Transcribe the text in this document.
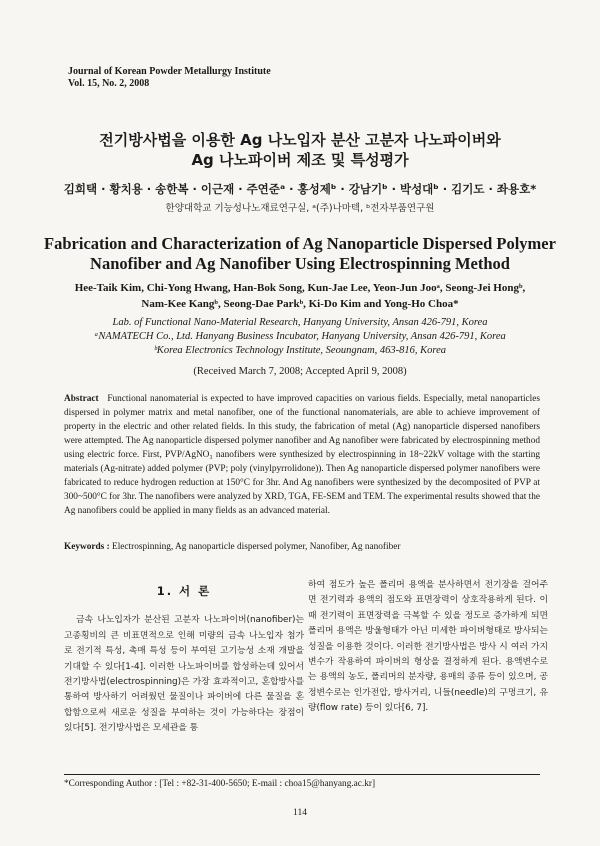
Journal of Korean Powder Metallurgy Institute
Vol. 15, No. 2, 2008
전기방사법을 이용한 Ag 나노입자 분산 고분자 나노파이버와
Ag 나노파이버 제조 및 특성평가
김희택 · 황치용 · 송한복 · 이근재 · 주연준ᵃ · 홍성제ᵇ · 강남기ᵇ · 박성대ᵇ · 김기도 · 좌용호*
한양대학교 기능성나노재료연구실, ᵃ(주)나마텍, ᵇ전자부품연구원
Fabrication and Characterization of Ag Nanoparticle Dispersed Polymer
Nanofiber and Ag Nanofiber Using Electrospinning Method
Hee-Taik Kim, Chi-Yong Hwang, Han-Bok Song, Kun-Jae Lee, Yeon-Jun Jooᵃ, Seong-Jei Hongᵇ,
Nam-Kee Kangᵇ, Seong-Dae Parkᵇ, Ki-Do Kim and Yong-Ho Choa*
Lab. of Functional Nano-Material Research, Hanyang University, Ansan 426-791, Korea
ᵃNAMATECH Co., Ltd. Hanyang Business Incubator, Hanyang University, Ansan 426-791, Korea
ᵇKorea Electronics Technology Institute, Seoungnam, 463-816, Korea
(Received March 7, 2008; Accepted April 9, 2008)
Abstract Functional nanomaterial is expected to have improved capacities on various fields. Especially, metal nanoparticles dispersed in polymer matrix and metal nanofiber, one of the functional nanomaterials, are able to achieve improvement of property in the electric and other related fields. In this study, the fabrication of metal (Ag) nanoparticle dispersed nanofibers were attempted. The Ag nanoparticle dispersed polymer nanofiber and Ag nanofiber were fabricated by electrospinning method using electric force. First, PVP/AgNO₃ nanofibers were synthesized by electrospinning in 18~22kV voltage with the starting materials (Ag-nitrate) added polymer (PVP; poly (vinylpyrrolidone)). Then Ag nanoparticle dispersed polymer nanofibers were fabricated to reduce hydrogen reduction at 150°C for 3hr. And Ag nanofibers were synthesized by the decomposited of PVP at 300~500°C for 3hr. The nanofibers were analyzed by XRD, TGA, FE-SEM and TEM. The experimental results showed that the Ag nanofibers could be applied in many fields as an advanced material.
Keywords : Electrospinning, Ag nanoparticle dispersed polymer, Nanofiber, Ag nanofiber
1. 서 론

금속 나노입자가 분산된 고분자 나노파이버(nanofiber)는 고종횡비의 큰 비표면적으로 인해 미량의 금속 나노입자 첨가로 전기적 특성, 촉매 특성 등이 부여된 고기능성 소재 개발을 기대할 수 있다[1-4]. 이러한 나노파이버를 합성하는데 있어서 전기방사법(electrospinning)은 가장 효과적이고, 혼합방사를 통하여 방사하기 어려웠던 물질이나 파이버에 다른 물질을 혼합함으로써 새로운 성질을 부여하는 것이 가능하다는 장점이 있다[5]. 전기방사법은 모세관을 통

하여 점도가 높은 폴리머 용액을 분사하면서 전기장을 걸어주면 전기력과 용액의 점도와 표면장력이 상호작용하게 된다. 이때 전기력이 표면장력을 극복할 수 있을 정도로 증가하게 되면 폴리머 용액은 방울형태가 아닌 미세한 파이버형태로 방사되는 성질을 이용한 것이다. 이러한 전기방사법은 방사 시 여러 가지 변수가 작용하여 파이버의 형상을 결정하게 된다. 용액변수로는 용액의 농도, 폴리머의 분자량, 용매의 종류 등이 있으며, 공정변수로는 인가전압, 방사거리, 니들(needle)의 구멍크기, 유량(flow rate) 등이 있다[6, 7].

*Corresponding Author : [Tel : +82-31-400-5650; E-mail : choa15@hanyang.ac.kr]
114
